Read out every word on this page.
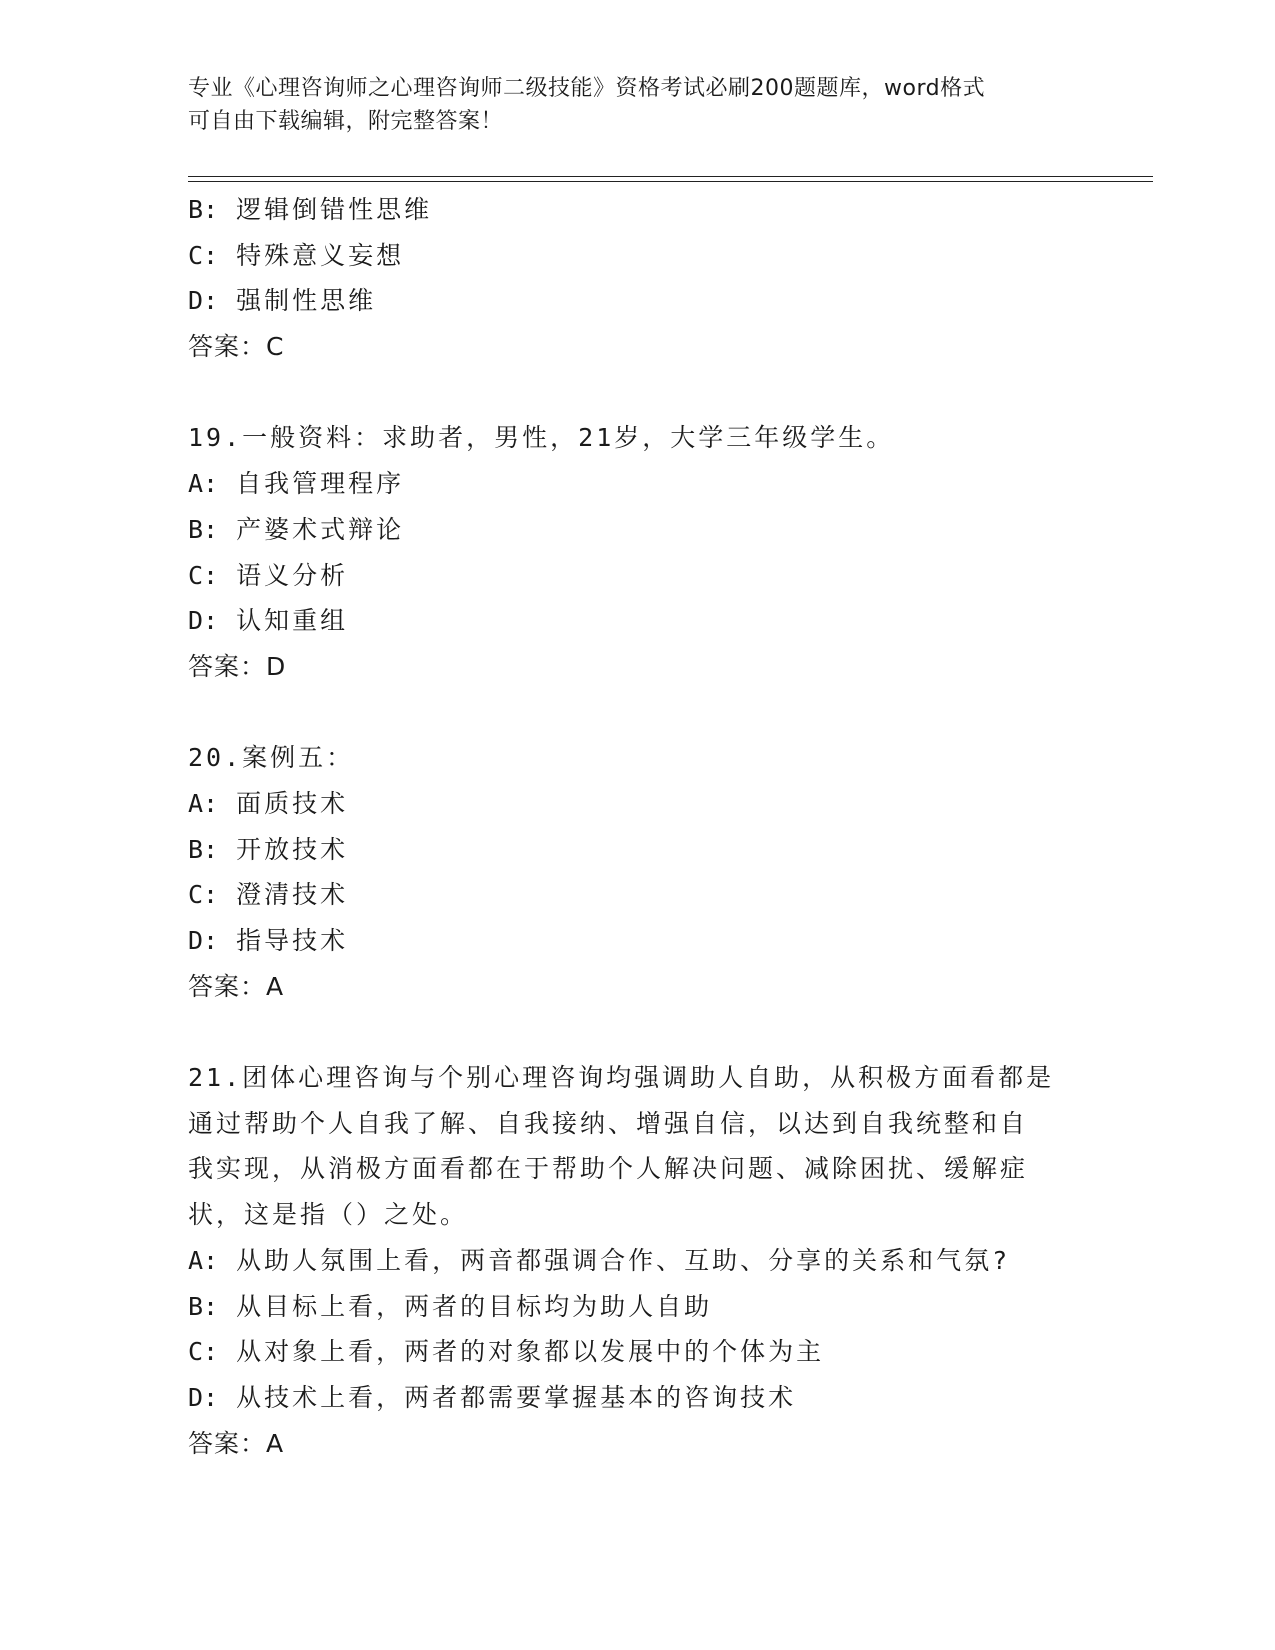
专业《心理咨询师之心理咨询师二级技能》资格考试必刷200题题库，word格式
可自由下载编辑，附完整答案！
B: 逻辑倒错性思维
C: 特殊意义妄想
D: 强制性思维
答案：C
19.一般资料：求助者，男性，21岁，大学三年级学生。
A: 自我管理程序
B: 产婆术式辩论
C: 语义分析
D: 认知重组
答案：D
20.案例五：
A: 面质技术
B: 开放技术
C: 澄清技术
D: 指导技术
答案：A
21.团体心理咨询与个别心理咨询均强调助人自助，从积极方面看都是
通过帮助个人自我了解、自我接纳、增强自信，以达到自我统整和自
我实现，从消极方面看都在于帮助个人解决问题、减除困扰、缓解症
状，这是指（）之处。
A: 从助人氛围上看，两音都强调合作、互助、分享的关系和气氛?
B: 从目标上看，两者的目标均为助人自助
C: 从对象上看，两者的对象都以发展中的个体为主
D: 从技术上看，两者都需要掌握基本的咨询技术
答案：A
